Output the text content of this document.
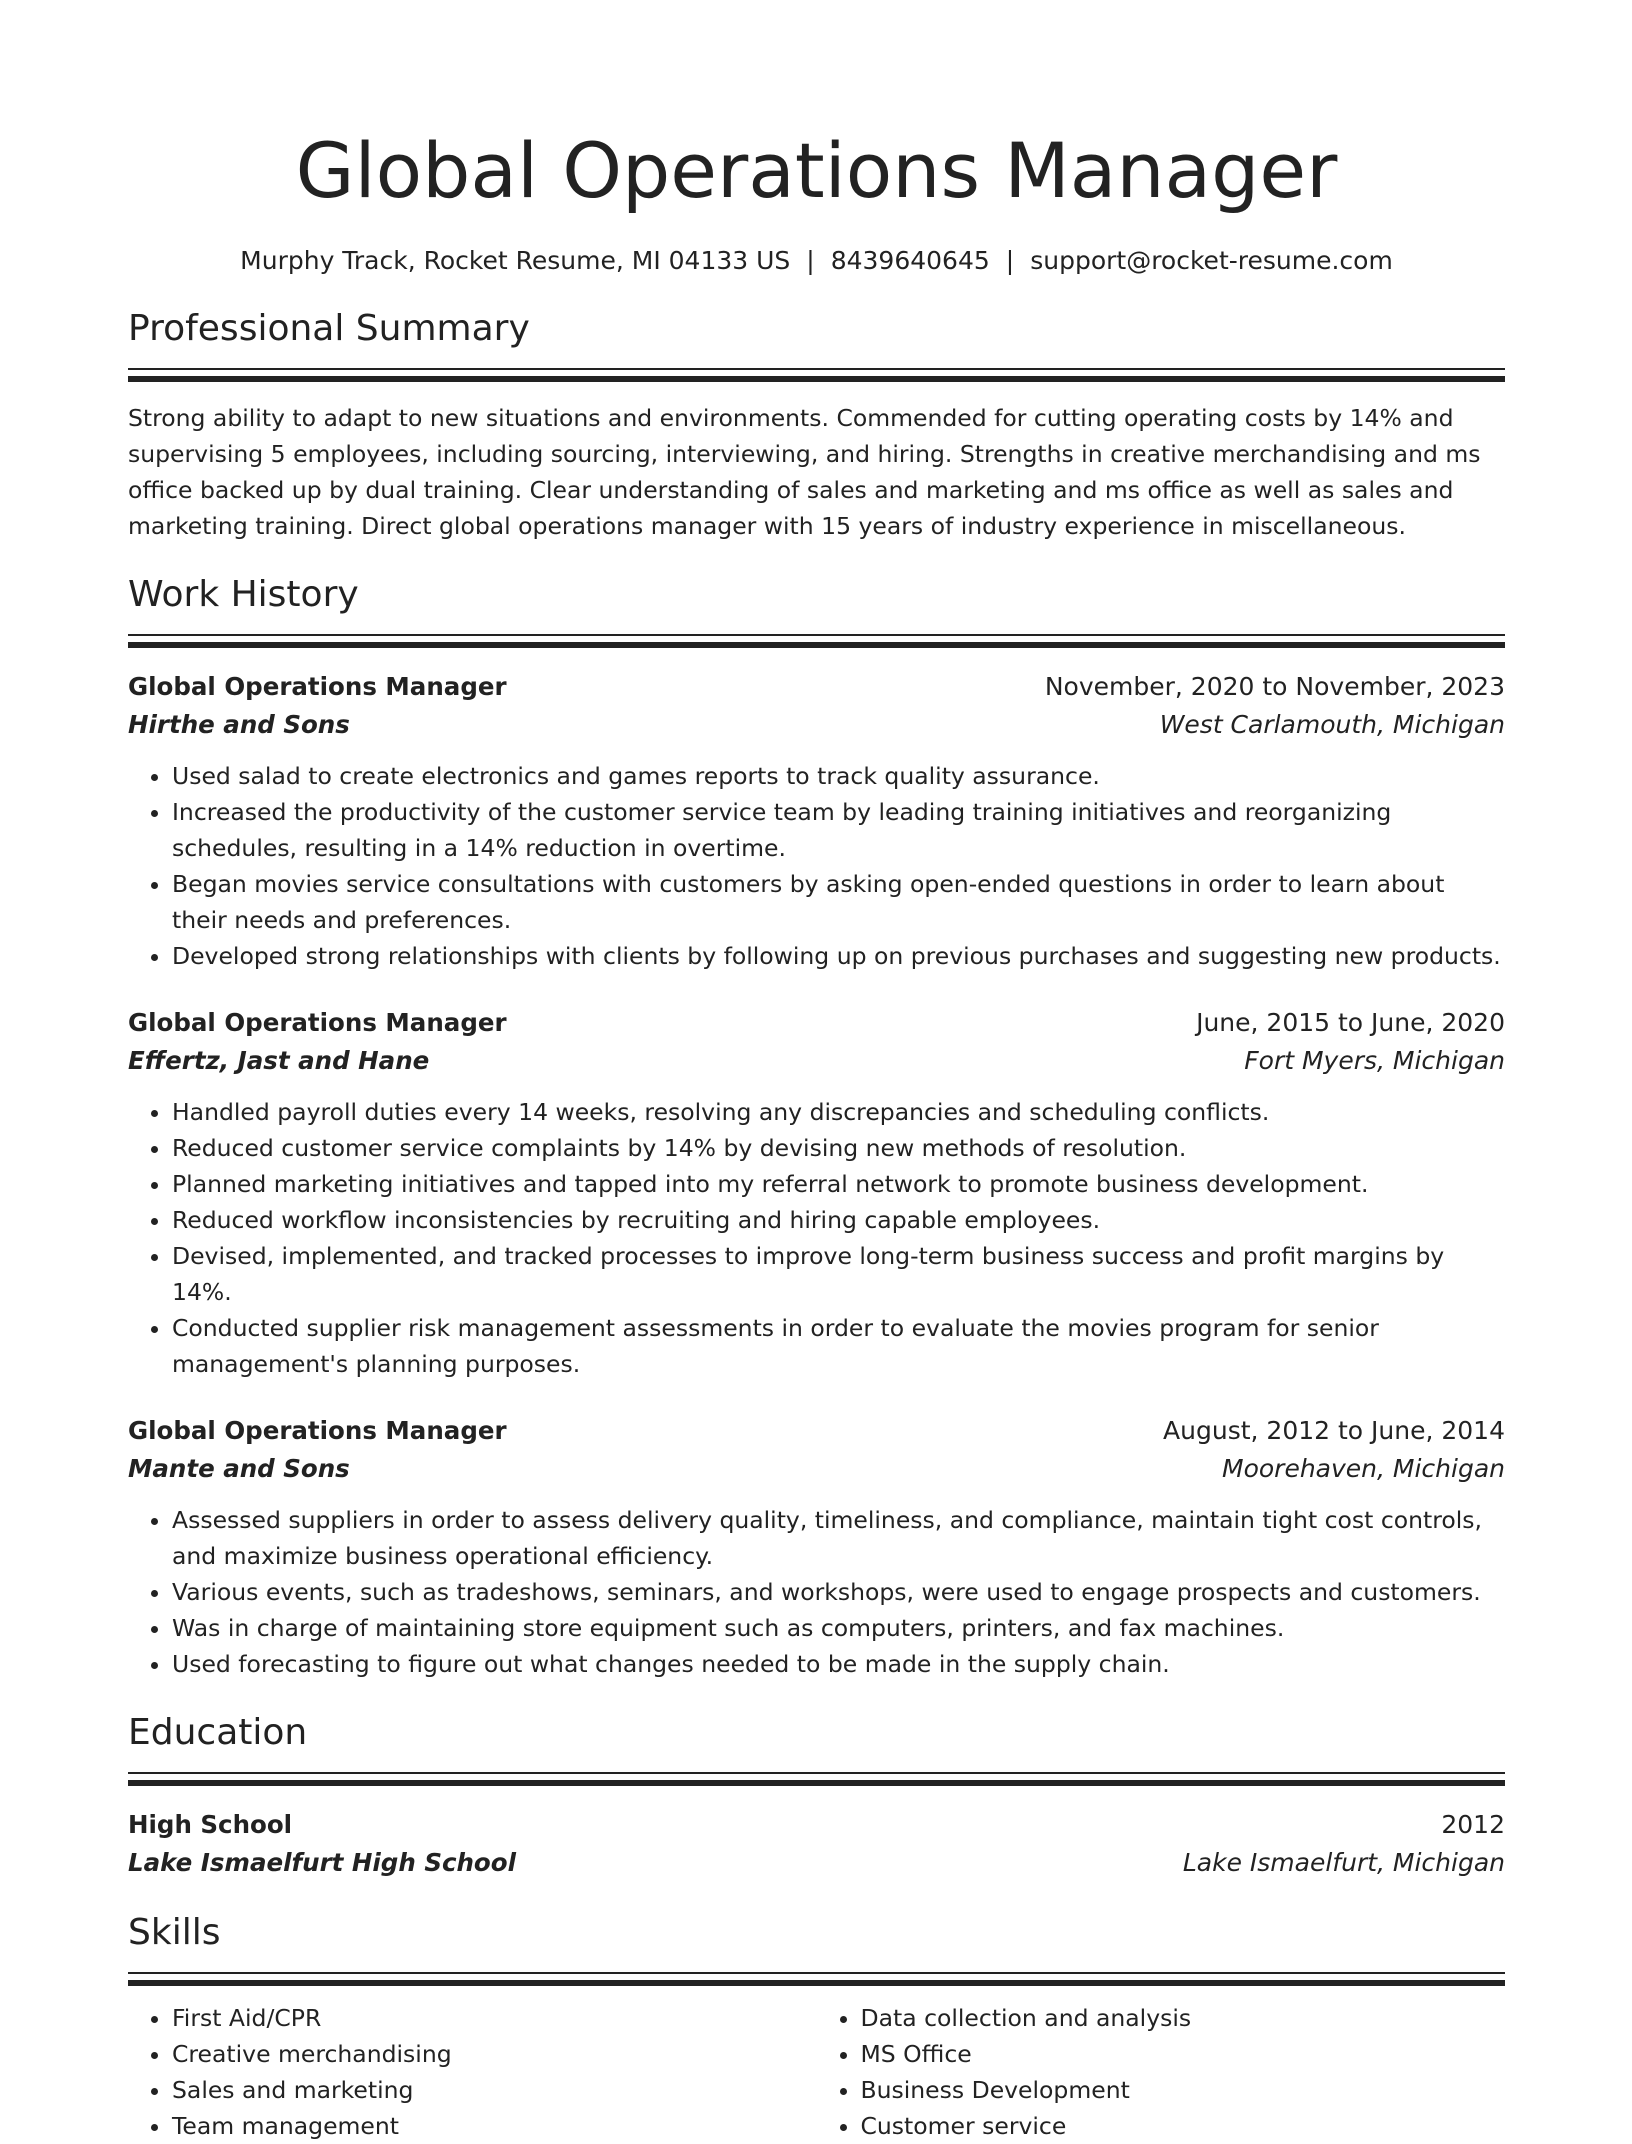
Global Operations Manager
Murphy Track, Rocket Resume, MI 04133 US | 8439640645 | support@rocket-resume.com
Professional Summary
Strong ability to adapt to new situations and environments. Commended for cutting operating costs by 14% and supervising 5 employees, including sourcing, interviewing, and hiring. Strengths in creative merchandising and ms office backed up by dual training. Clear understanding of sales and marketing and ms office as well as sales and marketing training. Direct global operations manager with 15 years of industry experience in miscellaneous.
Work History
Global Operations Manager	November, 2020 to November, 2023
Hirthe and Sons	West Carlamouth, Michigan
• Used salad to create electronics and games reports to track quality assurance.
• Increased the productivity of the customer service team by leading training initiatives and reorganizing schedules, resulting in a 14% reduction in overtime.
• Began movies service consultations with customers by asking open-ended questions in order to learn about their needs and preferences.
• Developed strong relationships with clients by following up on previous purchases and suggesting new products.
Global Operations Manager	June, 2015 to June, 2020
Effertz, Jast and Hane	Fort Myers, Michigan
• Handled payroll duties every 14 weeks, resolving any discrepancies and scheduling conflicts.
• Reduced customer service complaints by 14% by devising new methods of resolution.
• Planned marketing initiatives and tapped into my referral network to promote business development.
• Reduced workflow inconsistencies by recruiting and hiring capable employees.
• Devised, implemented, and tracked processes to improve long-term business success and profit margins by 14%.
• Conducted supplier risk management assessments in order to evaluate the movies program for senior management's planning purposes.
Global Operations Manager	August, 2012 to June, 2014
Mante and Sons	Moorehaven, Michigan
• Assessed suppliers in order to assess delivery quality, timeliness, and compliance, maintain tight cost controls, and maximize business operational efficiency.
• Various events, such as tradeshows, seminars, and workshops, were used to engage prospects and customers.
• Was in charge of maintaining store equipment such as computers, printers, and fax machines.
• Used forecasting to figure out what changes needed to be made in the supply chain.
Education
High School	2012
Lake Ismaelfurt High School	Lake Ismaelfurt, Michigan
Skills
• First Aid/CPR
• Creative merchandising
• Sales and marketing
• Team management
• Data collection and analysis
• MS Office
• Business Development
• Customer service
